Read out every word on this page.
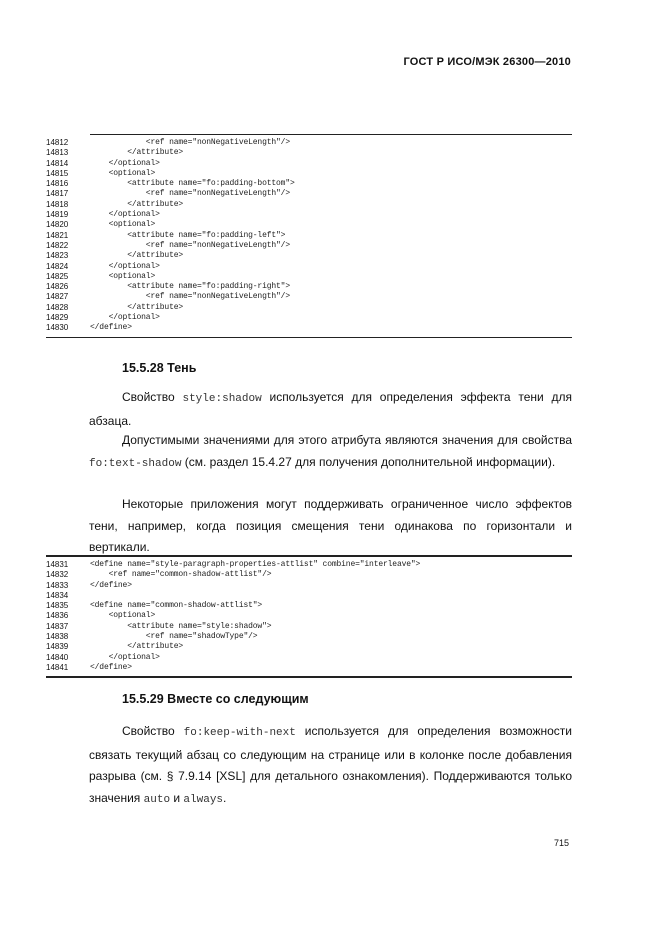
ГОСТ Р ИСО/МЭК 26300—2010
14812	<ref name="nonNegativeLength"/>
14813	</attribute>
14814	</optional>
14815	<optional>
14816	<attribute name="fo:padding-bottom">
14817	<ref name="nonNegativeLength"/>
14818	</attribute>
14819	</optional>
14820	<optional>
14821	<attribute name="fo:padding-left">
14822	<ref name="nonNegativeLength"/>
14823	</attribute>
14824	</optional>
14825	<optional>
14826	<attribute name="fo:padding-right">
14827	<ref name="nonNegativeLength"/>
14828	</attribute>
14829	</optional>
14830	</define>
15.5.28 Тень
Свойство style:shadow используется для определения эффекта тени для абзаца.
Допустимыми значениями для этого атрибута являются значения для свойства fo:text-shadow (см. раздел 15.4.27 для получения дополнительной информации).
Некоторые приложения могут поддерживать ограниченное число эффектов тени, например, когда позиция смещения тени одинакова по горизонтали и вертикали.
14831	<define name="style-paragraph-properties-attlist" combine="interleave">
14832	<ref name="common-shadow-attlist"/>
14833	</define>
14834
14835	<define name="common-shadow-attlist">
14836	<optional>
14837	<attribute name="style:shadow">
14838	<ref name="shadowType"/>
14839	</attribute>
14840	</optional>
14841	</define>
15.5.29 Вместе со следующим
Свойство fo:keep-with-next используется для определения возможности связать текущий абзац со следующим на странице или в колонке после добавления разрыва (см. § 7.9.14 [XSL] для детального ознакомления). Поддерживаются только значения auto и always.
715
